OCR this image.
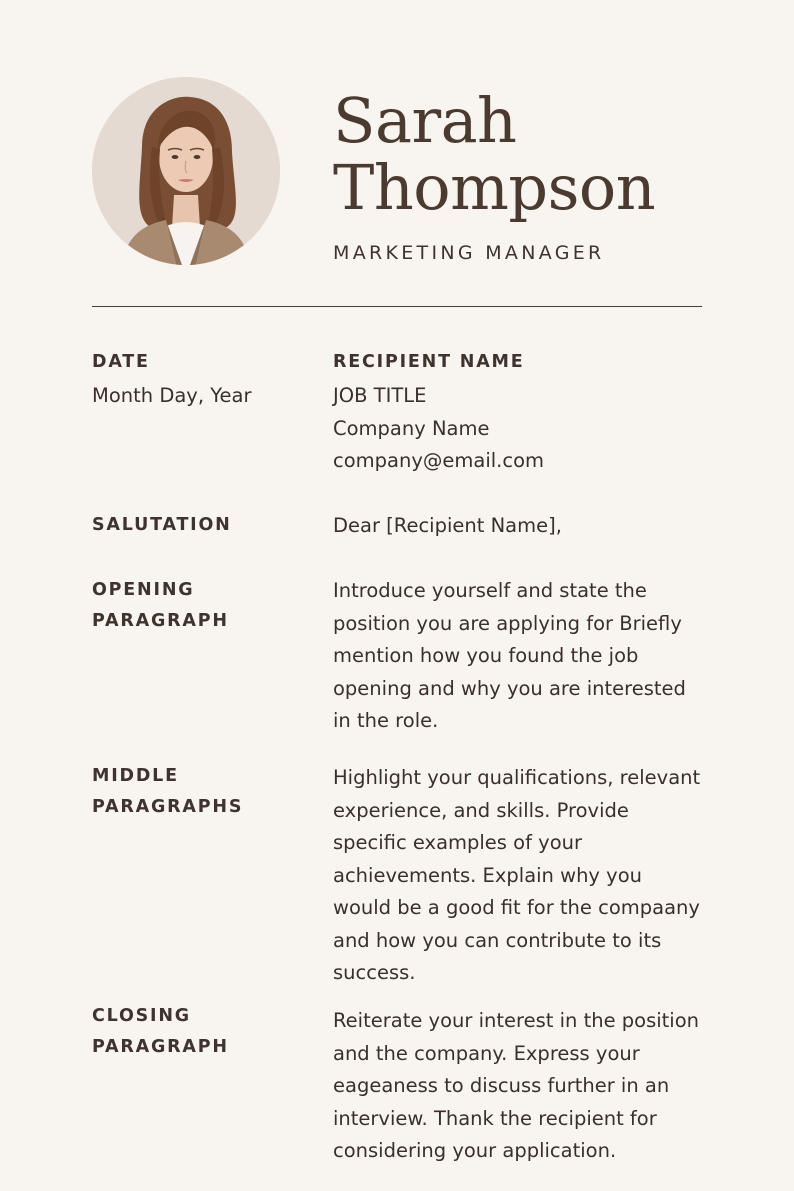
Sarah
Thompson
MARKETING MANAGER
DATE
Month Day, Year
RECIPIENT NAME
JOB TITLE
Company Name
company@email.com
SALUTATION	Dear [Recipient Name],
OPENING
PARAGRAPH
Introduce yourself and state the
position you are applying for Briefly
mention how you found the job
opening and why you are interested
in the role.
MIDDLE
PARAGRAPHS
Highlight your qualifications, relevant
experience, and skills. Provide
specific examples of your
achievements. Explain why you
would be a good fit for the compaany
and how you can contribute to its
success.
CLOSING
PARAGRAPH
Reiterate your interest in the position
and the company. Express your
eageaness to discuss further in an
interview. Thank the recipient for
considering your application.
